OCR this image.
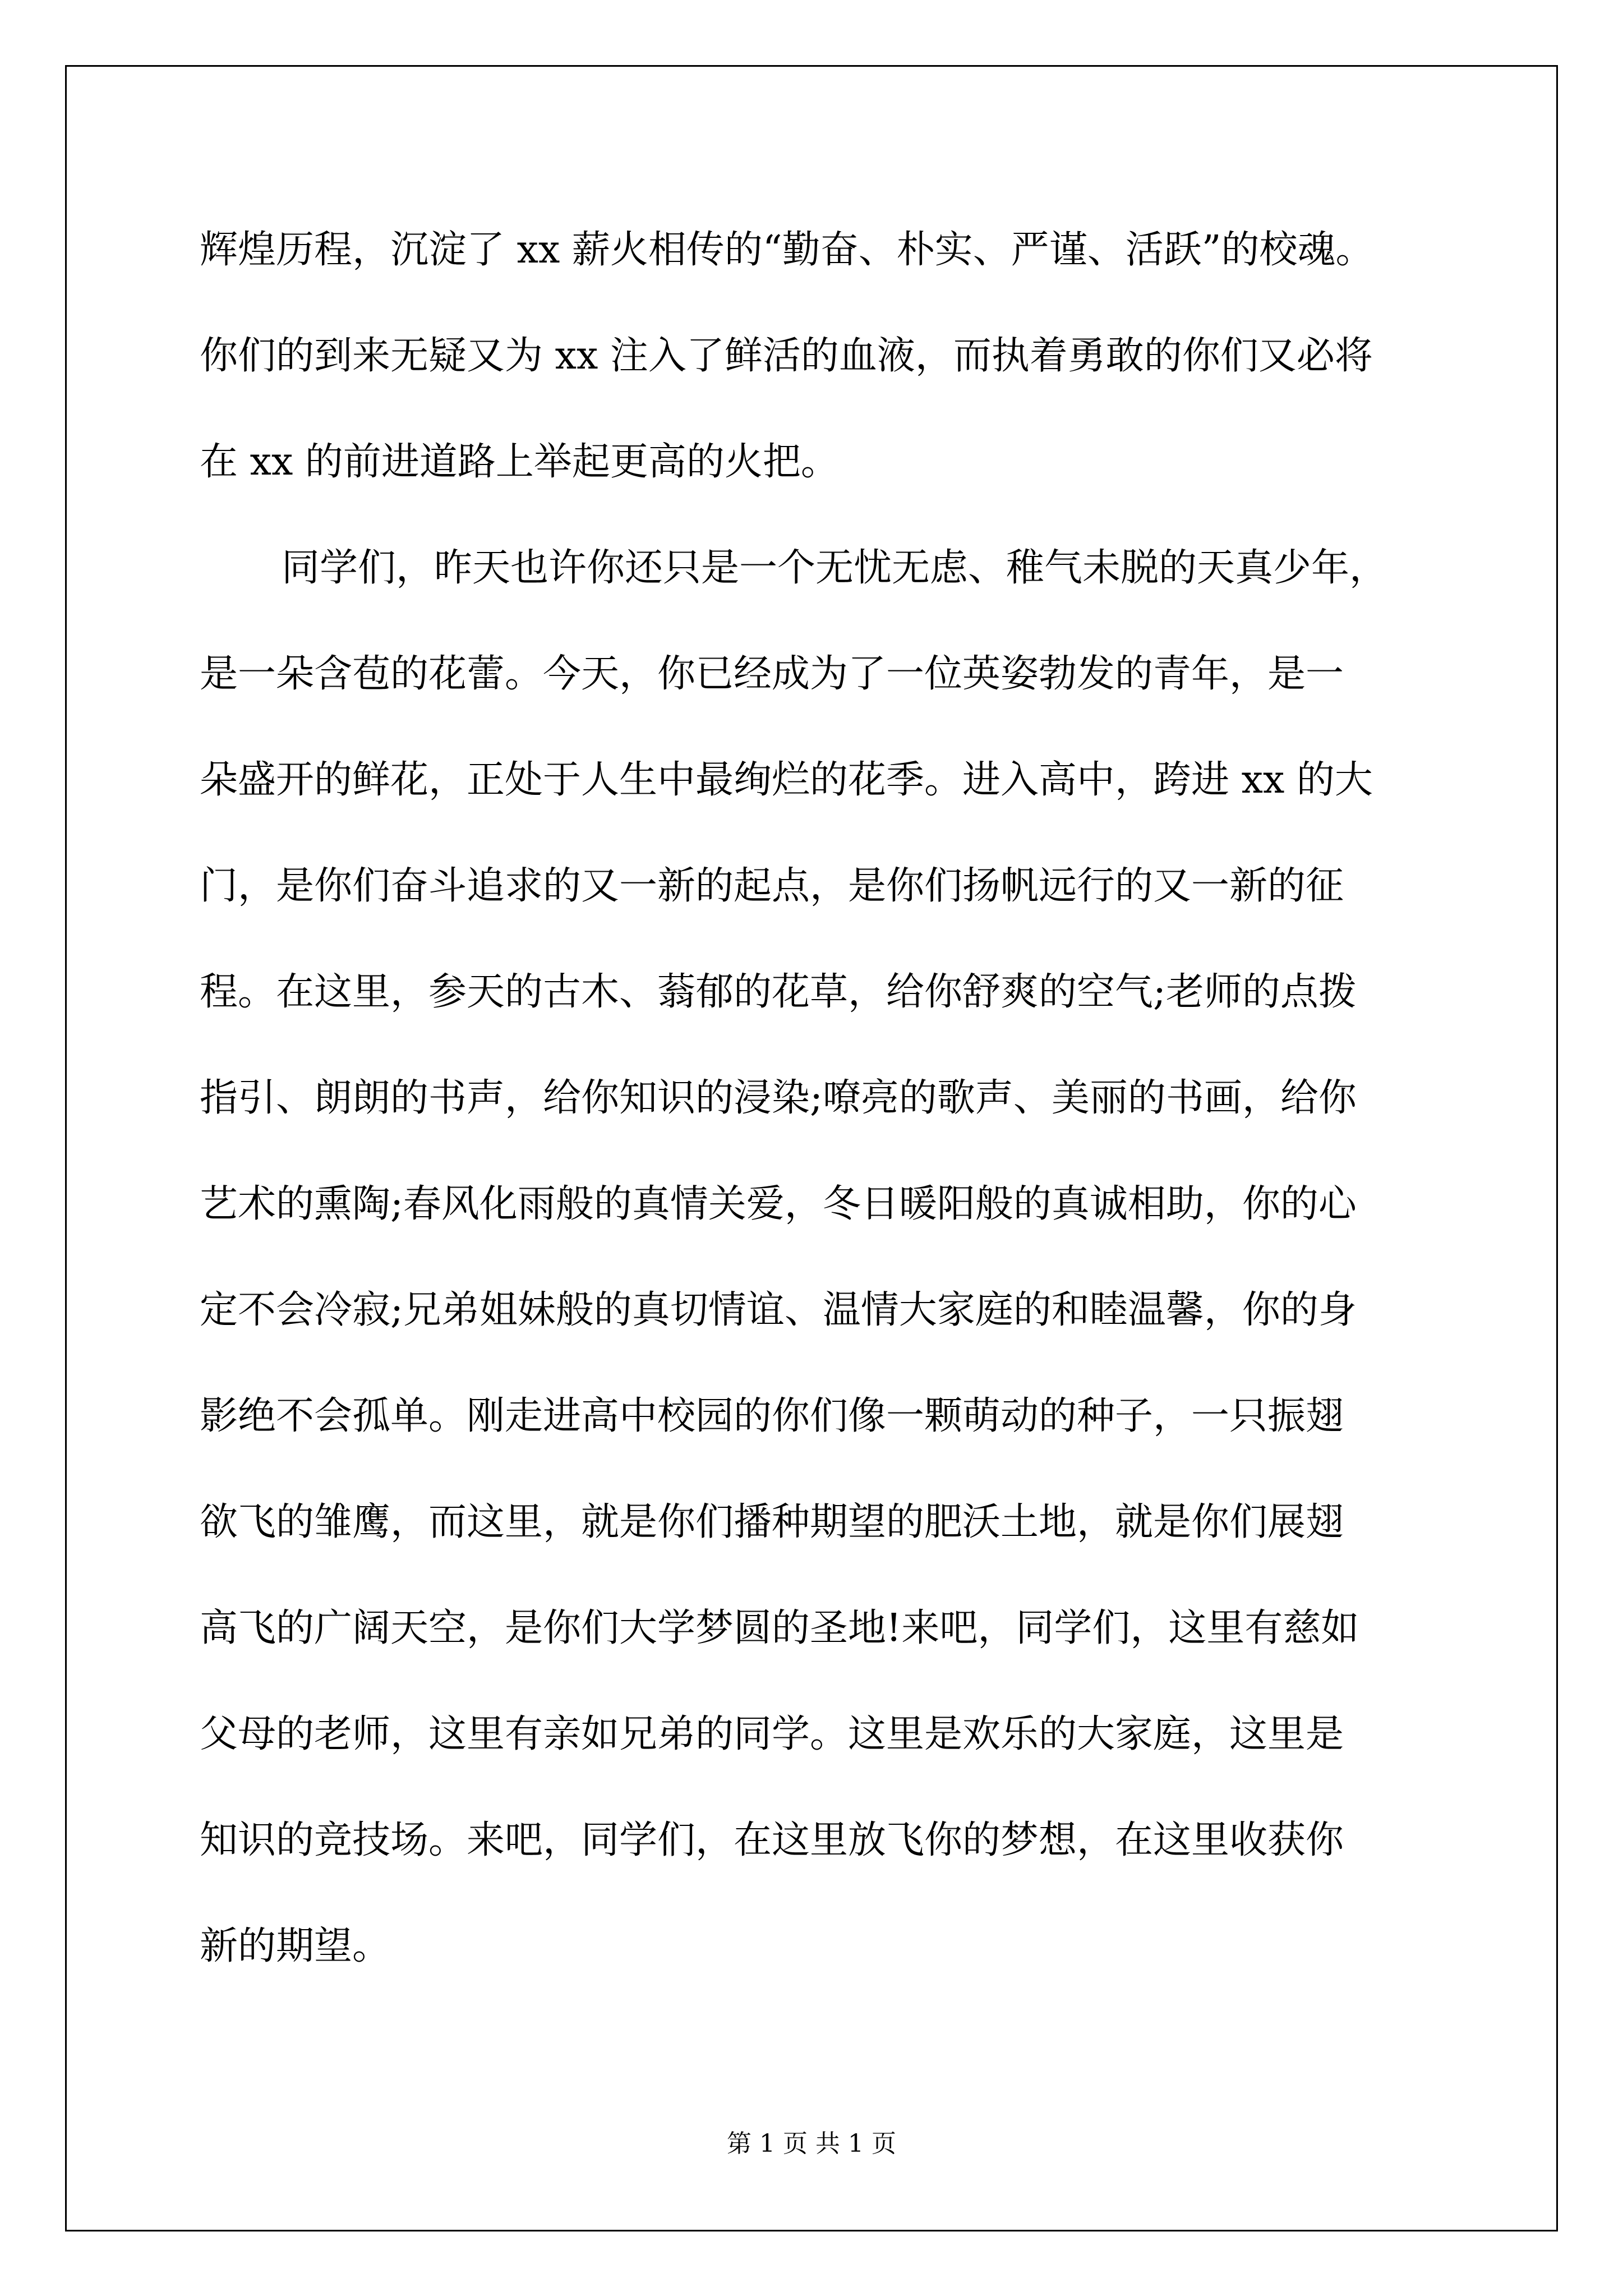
辉煌历程，沉淀了 xx 薪火相传的“勤奋、朴实、严谨、活跃”的校魂。
你们的到来无疑又为 xx 注入了鲜活的血液，而执着勇敢的你们又必将
在 xx 的前进道路上举起更高的火把。
同学们，昨天也许你还只是一个无忧无虑、稚气未脱的天真少年，
是一朵含苞的花蕾。今天，你已经成为了一位英姿勃发的青年，是一
朵盛开的鲜花，正处于人生中最绚烂的花季。进入高中，跨进 xx 的大
门，是你们奋斗追求的又一新的起点，是你们扬帆远行的又一新的征
程。在这里，参天的古木、蓊郁的花草，给你舒爽的空气;老师的点拨
指引、朗朗的书声，给你知识的浸染;嘹亮的歌声、美丽的书画，给你
艺术的熏陶;春风化雨般的真情关爱，冬日暖阳般的真诚相助，你的心
定不会冷寂;兄弟姐妹般的真切情谊、温情大家庭的和睦温馨，你的身
影绝不会孤单。刚走进高中校园的你们像一颗萌动的种子，一只振翅
欲飞的雏鹰，而这里，就是你们播种期望的肥沃土地，就是你们展翅
高飞的广阔天空，是你们大学梦圆的圣地!来吧，同学们，这里有慈如
父母的老师，这里有亲如兄弟的同学。这里是欢乐的大家庭，这里是
知识的竞技场。来吧，同学们，在这里放飞你的梦想，在这里收获你
新的期望。
第 1 页 共 1 页
